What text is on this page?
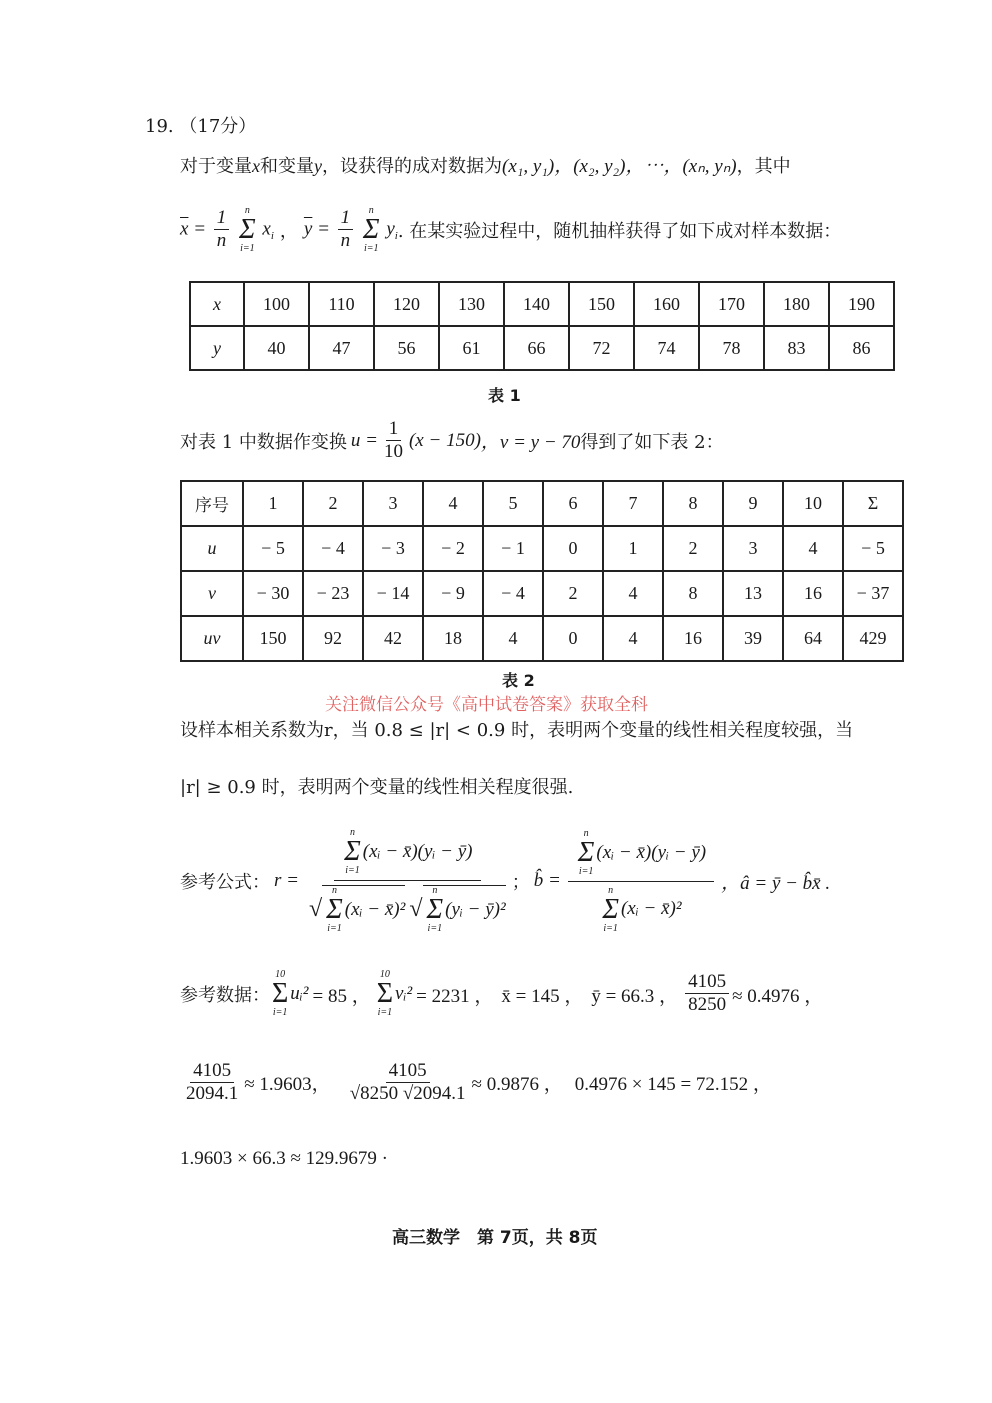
19. （17分）
对于变量x和变量y，设获得的成对数据为(x₁, y₁)，(x₂, y₂)，⋯，(xₙ, yₙ)，其中
$\overline{x} = \frac{1}{n}$
n
Σ
i=1
$x_i$ ， $\overline{y} = \frac{1}{n}$
n
Σ
i=1
$y_i$ . 在某实验过程中，随机抽样获得了如下成对样本数据：
x	100	110	120	130	140	150	160	170	180	190
y	40	47	56	61	66	72	74	78	83	86
表 1
对表 1 中数据作变换 $u = \frac{1}{10} (x - 150)$ ，v = y − 70 得到了如下表 2：
序号	1	2	3	4	5	6	7	8	9	10	Σ
u	− 5	− 4	− 3	− 2	− 1	0	1	2	3	4	− 5
v	− 30	− 23	− 14	− 9	− 4	2	4	8	13	16	− 37
uv	150	92	42	18	4	0	4	16	39	64	429
表 2
关注微信公众号《高中试卷答案》获取全科
设样本相关系数为r，当 0.8 ≤ |r| < 0.9 时，表明两个变量的线性相关程度较强，当
|r| ≥ 0.9 时，表明两个变量的线性相关程度很强.
参考公式： r = n
Σ
i=1
(xᵢ − x̄)(yᵢ − ȳ)
√
n
Σ
i=1
(xᵢ − x̄)² √
n
Σ
i=1
(yᵢ − ȳ)² ； b̂ = n
Σ
i=1
(xᵢ − x̄)(yᵢ − ȳ)
n
Σ
i=1
(xᵢ − x̄)² ，â = ȳ − b̂x̄ .
参考数据：
10
Σ
i=1
uᵢ² = 85 ，
10
Σ
i=1
vᵢ² = 2231 ， x̄ = 145 ， ȳ = 66.3 ， $\frac{4105}{8250} \approx 0.4976$ ，
$\frac{4105}{2094.1} \approx 1.9603$， $\frac{4105}{√8250 √2094.1} \approx 0.9876$ ， 0.4976 × 145 = 72.152 ，
1.9603 × 66.3 ≈ 129.9679 ·
高三数学　第 7页，共 8页
